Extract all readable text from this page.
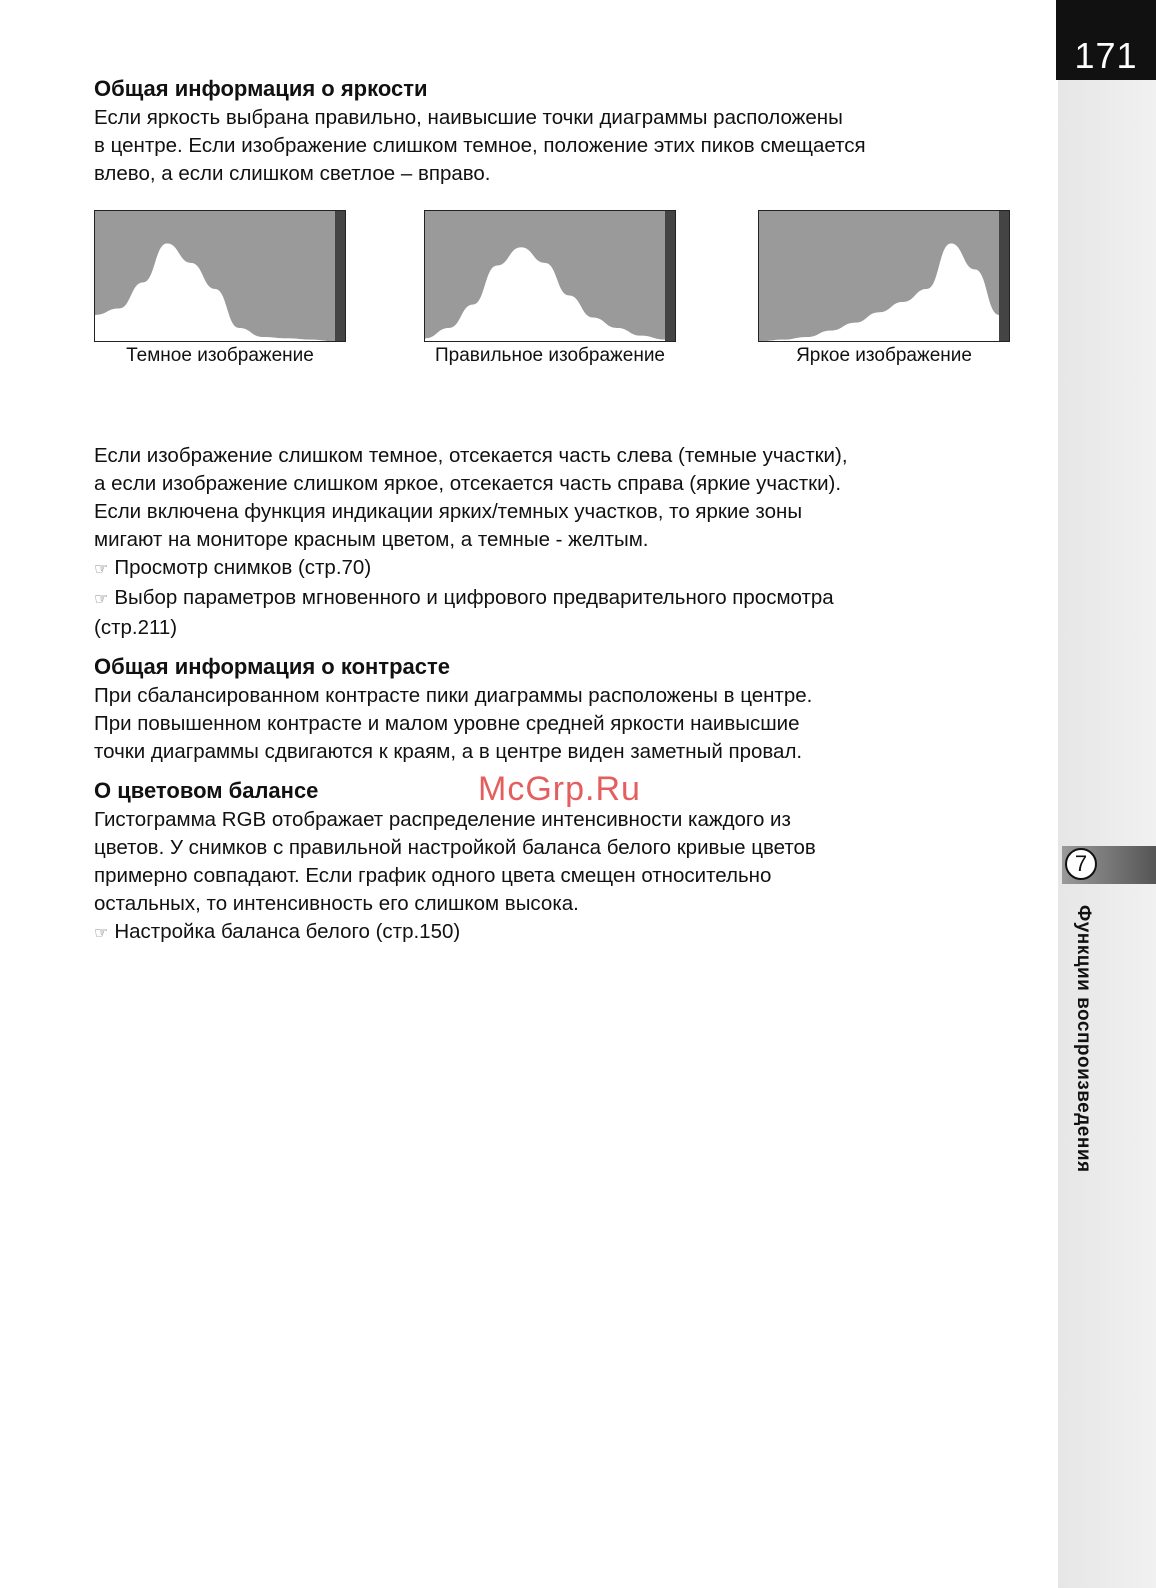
171
7
Функции воспроизведения
Общая информация о яркости

Если яркость выбрана правильно, наивысшие точки диаграммы расположены

в центре. Если изображение слишком темное, положение этих пиков смещается

влево, а если слишком светлое – вправо.

Темное изображение	Правильное изображение	Яркое изображение

Если изображение слишком темное, отсекается часть слева (темные участки),

а если изображение слишком яркое, отсекается часть справа (яркие участки).

Если включена функция индикации ярких/темных участков, то яркие зоны

мигают на мониторе красным цветом, а темные - желтым.

☞ Просмотр снимков (стр.70)
☞ Выбор параметров мгновенного и цифрового предварительного просмотра
(стр.211)
Общая информация о контрасте

При сбалансированном контрасте пики диаграммы расположены в центре.

При повышенном контрасте и малом уровне средней яркости наивысшие

точки диаграммы сдвигаются к краям, а в центре виден заметный провал.

О цветовом балансе

Гистограмма RGB отображает распределение интенсивности каждого из

цветов. У снимков с правильной настройкой баланса белого кривые цветов

примерно совпадают. Если график одного цвета смещен относительно

остальных, то интенсивность его слишком высока.

☞ Настройка баланса белого (стр.150)
McGrp.Ru
